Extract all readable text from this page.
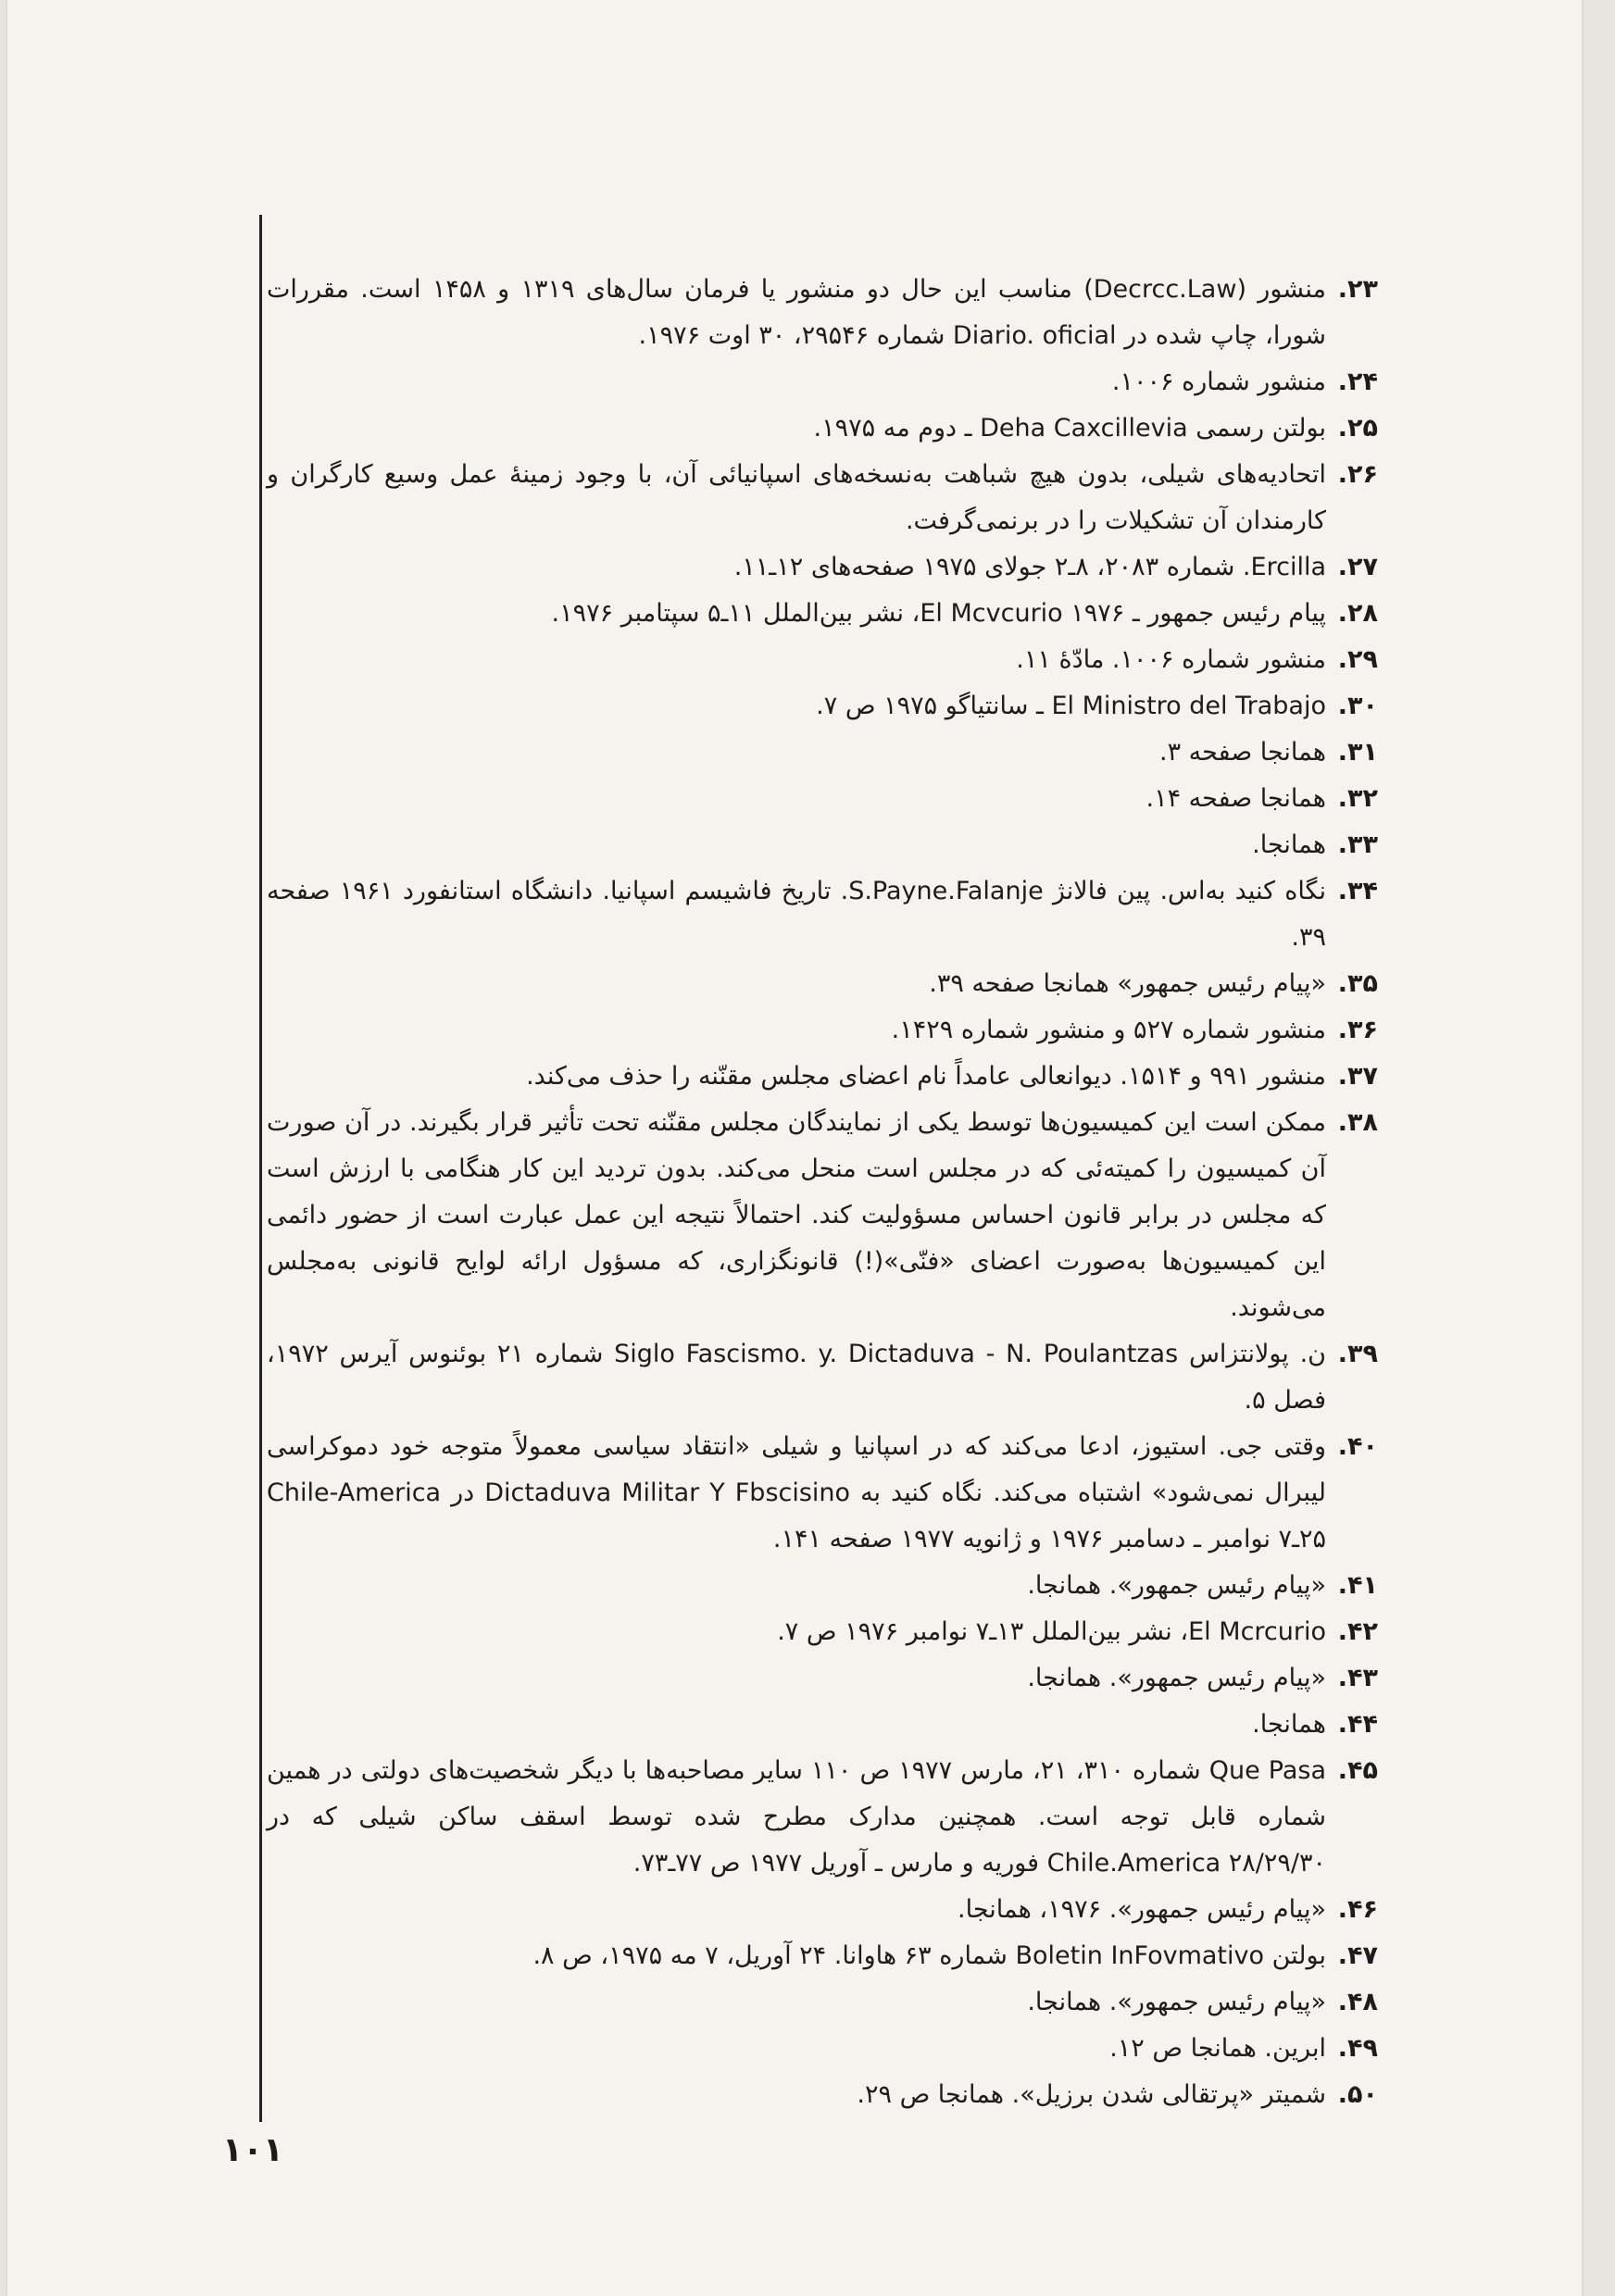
۲۳.
منشور (Decrcc.Law) مناسب این حال دو منشور یا فرمان سال‌های ۱۳۱۹ و ۱۴۵۸ است. مقررات شورا، چاپ شده در Diario. oficial شماره ۲۹۵۴۶، ۳۰ اوت ۱۹۷۶.
۲۴.
منشور شماره ۱۰۰۶.
۲۵.
بولتن رسمی Deha Caxcillevia ـ دوم مه ۱۹۷۵.
۲۶.
اتحادیه‌های شیلی، بدون هیچ شباهت به‌نسخه‌های اسپانیائی آن، با وجود زمینهٔ عمل وسیع کارگران و کارمندان آن تشکیلات را در برنمی‌گرفت.
۲۷.
Ercilla. شماره ۲۰۸۳، ۸ـ۲ جولای ۱۹۷۵ صفحه‌های ۱۲ـ۱۱.
۲۸.
پیام رئیس جمهور ـ ۱۹۷۶ El Mcvcurio، نشر بین‌الملل ۱۱ـ۵ سپتامبر ۱۹۷۶.
۲۹.
منشور شماره ۱۰۰۶. مادّهٔ ۱۱.
۳۰.
El Ministro del Trabajo ـ سانتیاگو ۱۹۷۵ ص ۷.
۳۱.
همانجا صفحه ۳.
۳۲.
همانجا صفحه ۱۴.
۳۳.
همانجا.
۳۴.
نگاه کنید به‌اس. پین فالانژ S.Payne.Falanje. تاریخ فاشیسم اسپانیا. دانشگاه استانفورد ۱۹۶۱ صفحه ۳۹.
۳۵.
«پیام رئیس جمهور» همانجا صفحه ۳۹.
۳۶.
منشور شماره ۵۲۷ و منشور شماره ۱۴۲۹.
۳۷.
منشور ۹۹۱ و ۱۵۱۴. دیوانعالی عامداً نام اعضای مجلس مقنّنه را حذف می‌کند.
۳۸.
ممکن است این کمیسیون‌ها توسط یکی از نمایندگان مجلس مقنّنه تحت تأثیر قرار بگیرند. در آن صورت آن کمیسیون را کمیته‌ئی که در مجلس است منحل می‌کند. بدون تردید این کار هنگامی با ارزش است که مجلس در برابر قانون احساس مسؤولیت کند. احتمالاً نتیجه این عمل عبارت است از حضور دائمی این کمیسیون‌ها به‌صورت اعضای «فنّی»(!) قانونگزاری، که مسؤول ارائه لوایح قانونی به‌مجلس می‌شوند.
۳۹.
ن. پولانتزاس Siglo Fascismo. y. Dictaduva - N. Poulantzas شماره ۲۱ بوئنوس آیرس ۱۹۷۲، فصل ۵.
۴۰.
وقتی جی. استیوز، ادعا می‌کند که در اسپانیا و شیلی «انتقاد سیاسی معمولاً متوجه خود دموکراسی لیبرال نمی‌شود» اشتباه می‌کند. نگاه کنید به Dictaduva Militar Y Fbscisino در Chile-America ۲۵ـ۷ نوامبر ـ دسامبر ۱۹۷۶ و ژانویه ۱۹۷۷ صفحه ۱۴۱.
۴۱.
«پیام رئیس جمهور». همانجا.
۴۲.
El Mcrcurio، نشر بین‌الملل ۱۳ـ۷ نوامبر ۱۹۷۶ ص ۷.
۴۳.
«پیام رئیس جمهور». همانجا.
۴۴.
همانجا.
۴۵.
Que Pasa شماره ۳۱۰، ۲۱، مارس ۱۹۷۷ ص ۱۱۰ سایر مصاحبه‌ها با دیگر شخصیت‌های دولتی در همین شماره قابل توجه است. همچنین مدارک مطرح شده توسط اسقف ساکن شیلی که در Chile.America ۲۸/۲۹/۳۰ فوریه و مارس ـ آوریل ۱۹۷۷ ص ۷۷ـ۷۳.
۴۶.
«پیام رئیس جمهور». ۱۹۷۶، همانجا.
۴۷.
بولتن Boletin InFovmativo شماره ۶۳ هاوانا. ۲۴ آوریل، ۷ مه ۱۹۷۵، ص ۸.
۴۸.
«پیام رئیس جمهور». همانجا.
۴۹.
ابرین. همانجا ص ۱۲.
۵۰.
شمیتر «پرتقالی شدن برزیل». همانجا ص ۲۹.
۱۰۱
